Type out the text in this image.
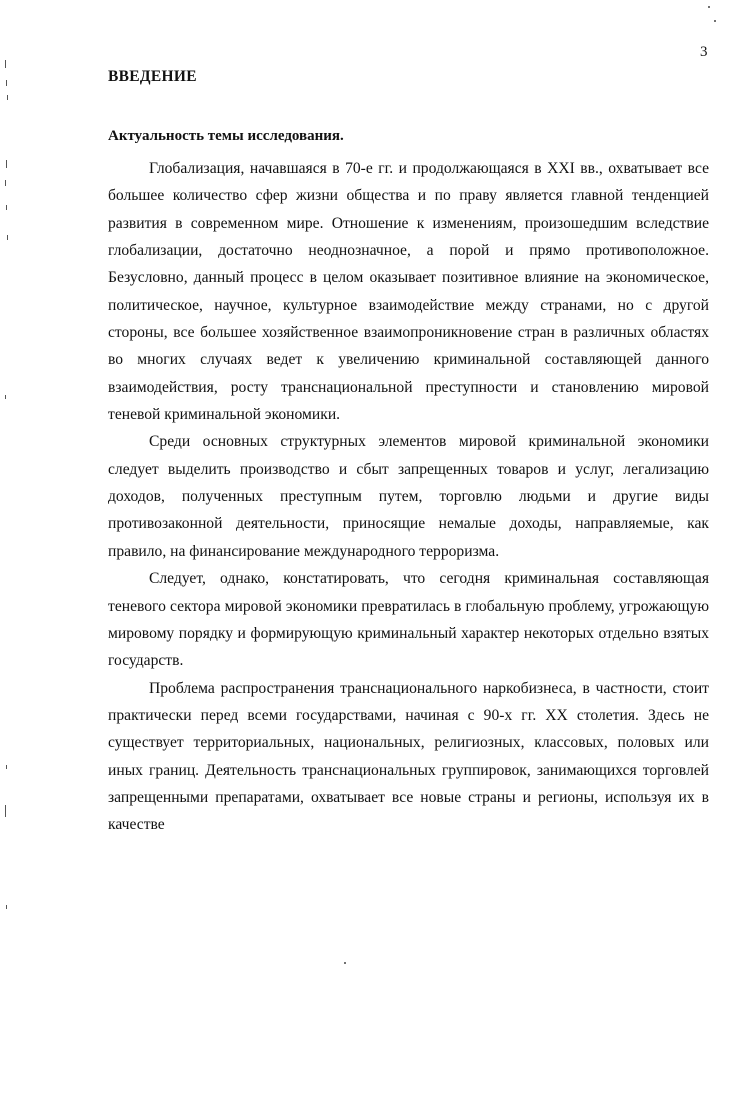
3
ВВЕДЕНИЕ
Актуальность темы исследования.

Глобализация, начавшаяся в 70-е гг. и продолжающаяся в XXI вв., охватывает все большее количество сфер жизни общества и по праву является главной тенденцией развития в современном мире. Отношение к изменениям, произошедшим вследствие глобализации, достаточно неоднозначное, а порой и прямо противоположное. Безусловно, данный процесс в целом оказывает позитивное влияние на экономическое, политическое, научное, культурное взаимодействие между странами, но с другой стороны, все большее хозяйственное взаимопроникновение стран в различных областях во многих случаях ведет к увеличению криминальной составляющей данного взаимодействия, росту транснациональной преступности и становлению мировой теневой криминальной экономики.

Среди основных структурных элементов мировой криминальной экономики следует выделить производство и сбыт запрещенных товаров и услуг, легализацию доходов, полученных преступным путем, торговлю людьми и другие виды противозаконной деятельности, приносящие немалые доходы, направляемые, как правило, на финансирование международного терроризма.

Следует, однако, констатировать, что сегодня криминальная составляющая теневого сектора мировой экономики превратилась в глобальную проблему, угрожающую мировому порядку и формирующую криминальный характер некоторых отдельно взятых государств.

Проблема распространения транснационального наркобизнеса, в частности, стоит практически перед всеми государствами, начиная с 90-х гг. XX столетия. Здесь не существует территориальных, национальных, религиозных, классовых, половых или иных границ. Деятельность транснациональных группировок, занимающихся торговлей запрещенными препаратами, охватывает все новые страны и регионы, используя их в качестве
